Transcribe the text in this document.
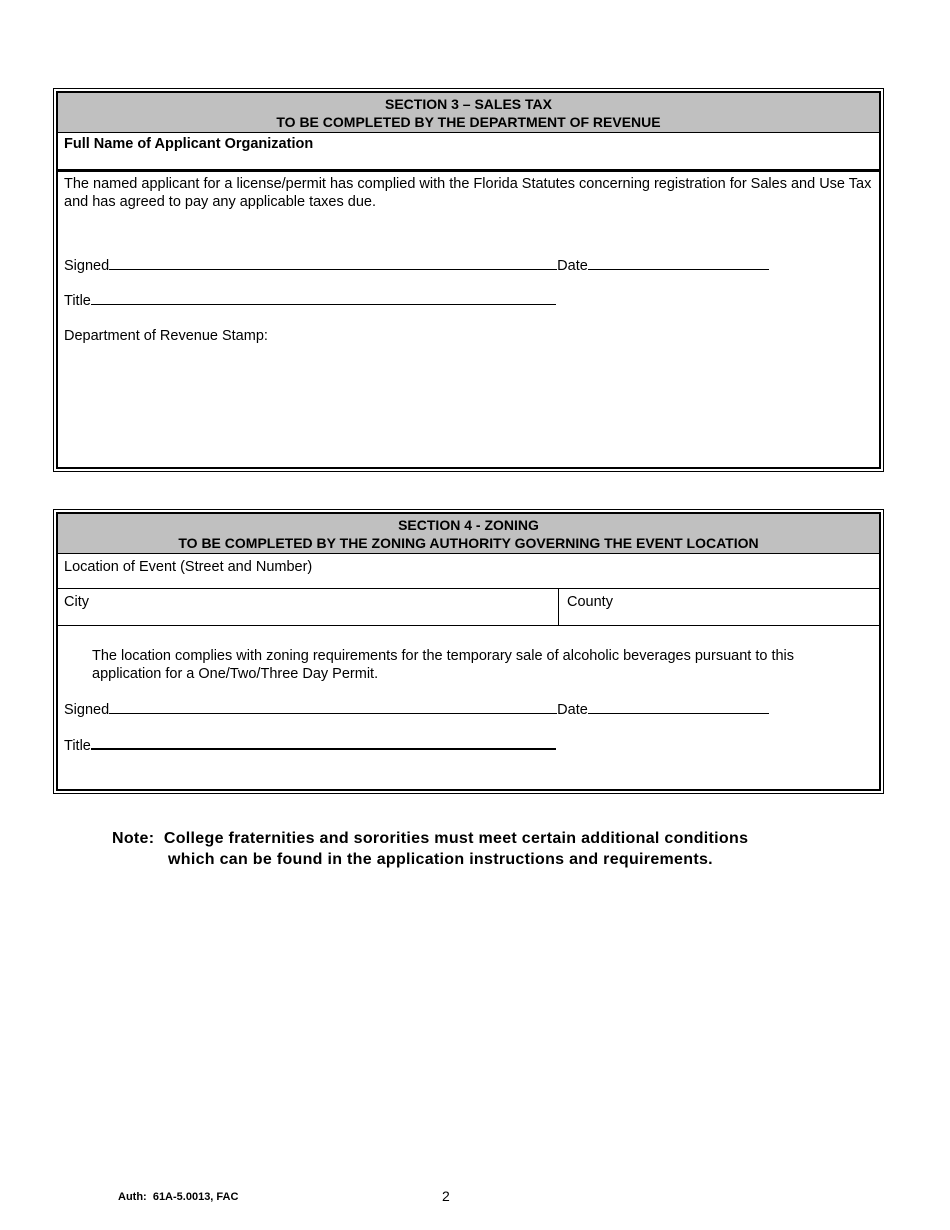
SECTION 3 – SALES TAX
TO BE COMPLETED BY THE DEPARTMENT OF REVENUE
Full Name of Applicant Organization
The named applicant for a license/permit has complied with the Florida Statutes concerning registration for Sales and Use Tax and has agreed to pay any applicable taxes due.
Signed	Date
Title
Department of Revenue Stamp:
SECTION 4 - ZONING
TO BE COMPLETED BY THE ZONING AUTHORITY GOVERNING THE EVENT LOCATION
Location of Event (Street and Number)
City	County
The location complies with zoning requirements for the temporary sale of alcoholic beverages pursuant to this application for a One/Two/Three Day Permit.
Signed	Date
Title
Note:  College fraternities and sororities must meet certain additional conditions
which can be found in the application instructions and requirements.
Auth:  61A-5.0013, FAC	2
